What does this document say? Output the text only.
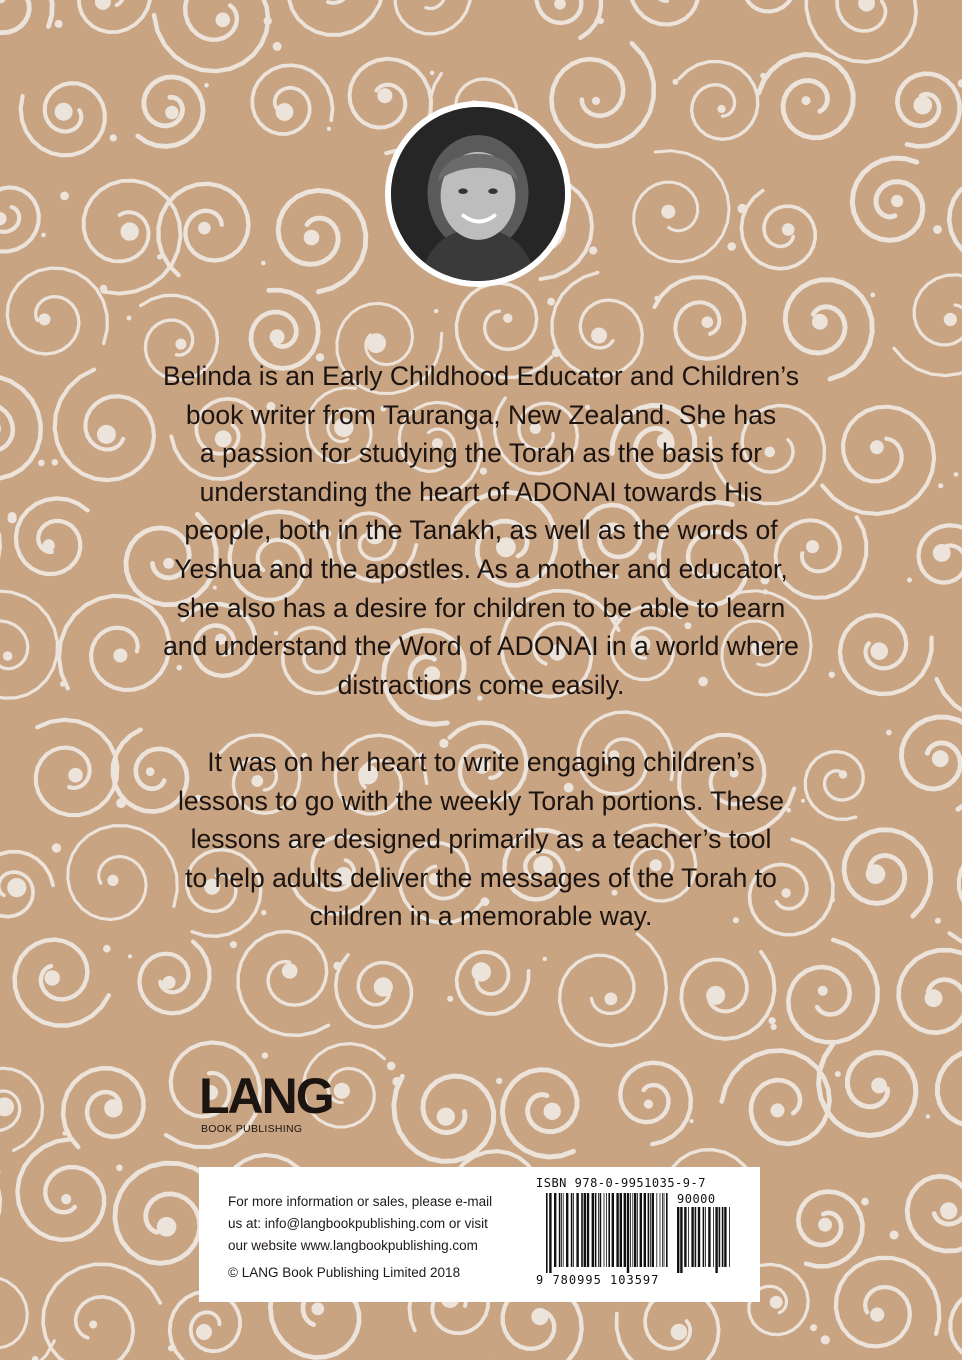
Belinda is an Early Childhood Educator and Children’s
book writer from Tauranga, New Zealand. She has
a passion for studying the Torah as the basis for
understanding the heart of ADONAI towards His
people, both in the Tanakh, as well as the words of
Yeshua and the apostles. As a mother and educator,
she also has a desire for children to be able to learn
and understand the Word of ADONAI in a world where
distractions come easily.

It was on her heart to write engaging children’s
lessons to go with the weekly Torah portions. These
lessons are designed primarily as a teacher’s tool
to help adults deliver the messages of the Torah to
children in a memorable way.

LANG
BOOK PUBLISHING
For more information or sales, please e-mail
us at: info@langbookpublishing.com or visit
our website www.langbookpublishing.com
© LANG Book Publishing Limited 2018
ISBN 978-0-9951035-9-7
90000
9 780995 103597
